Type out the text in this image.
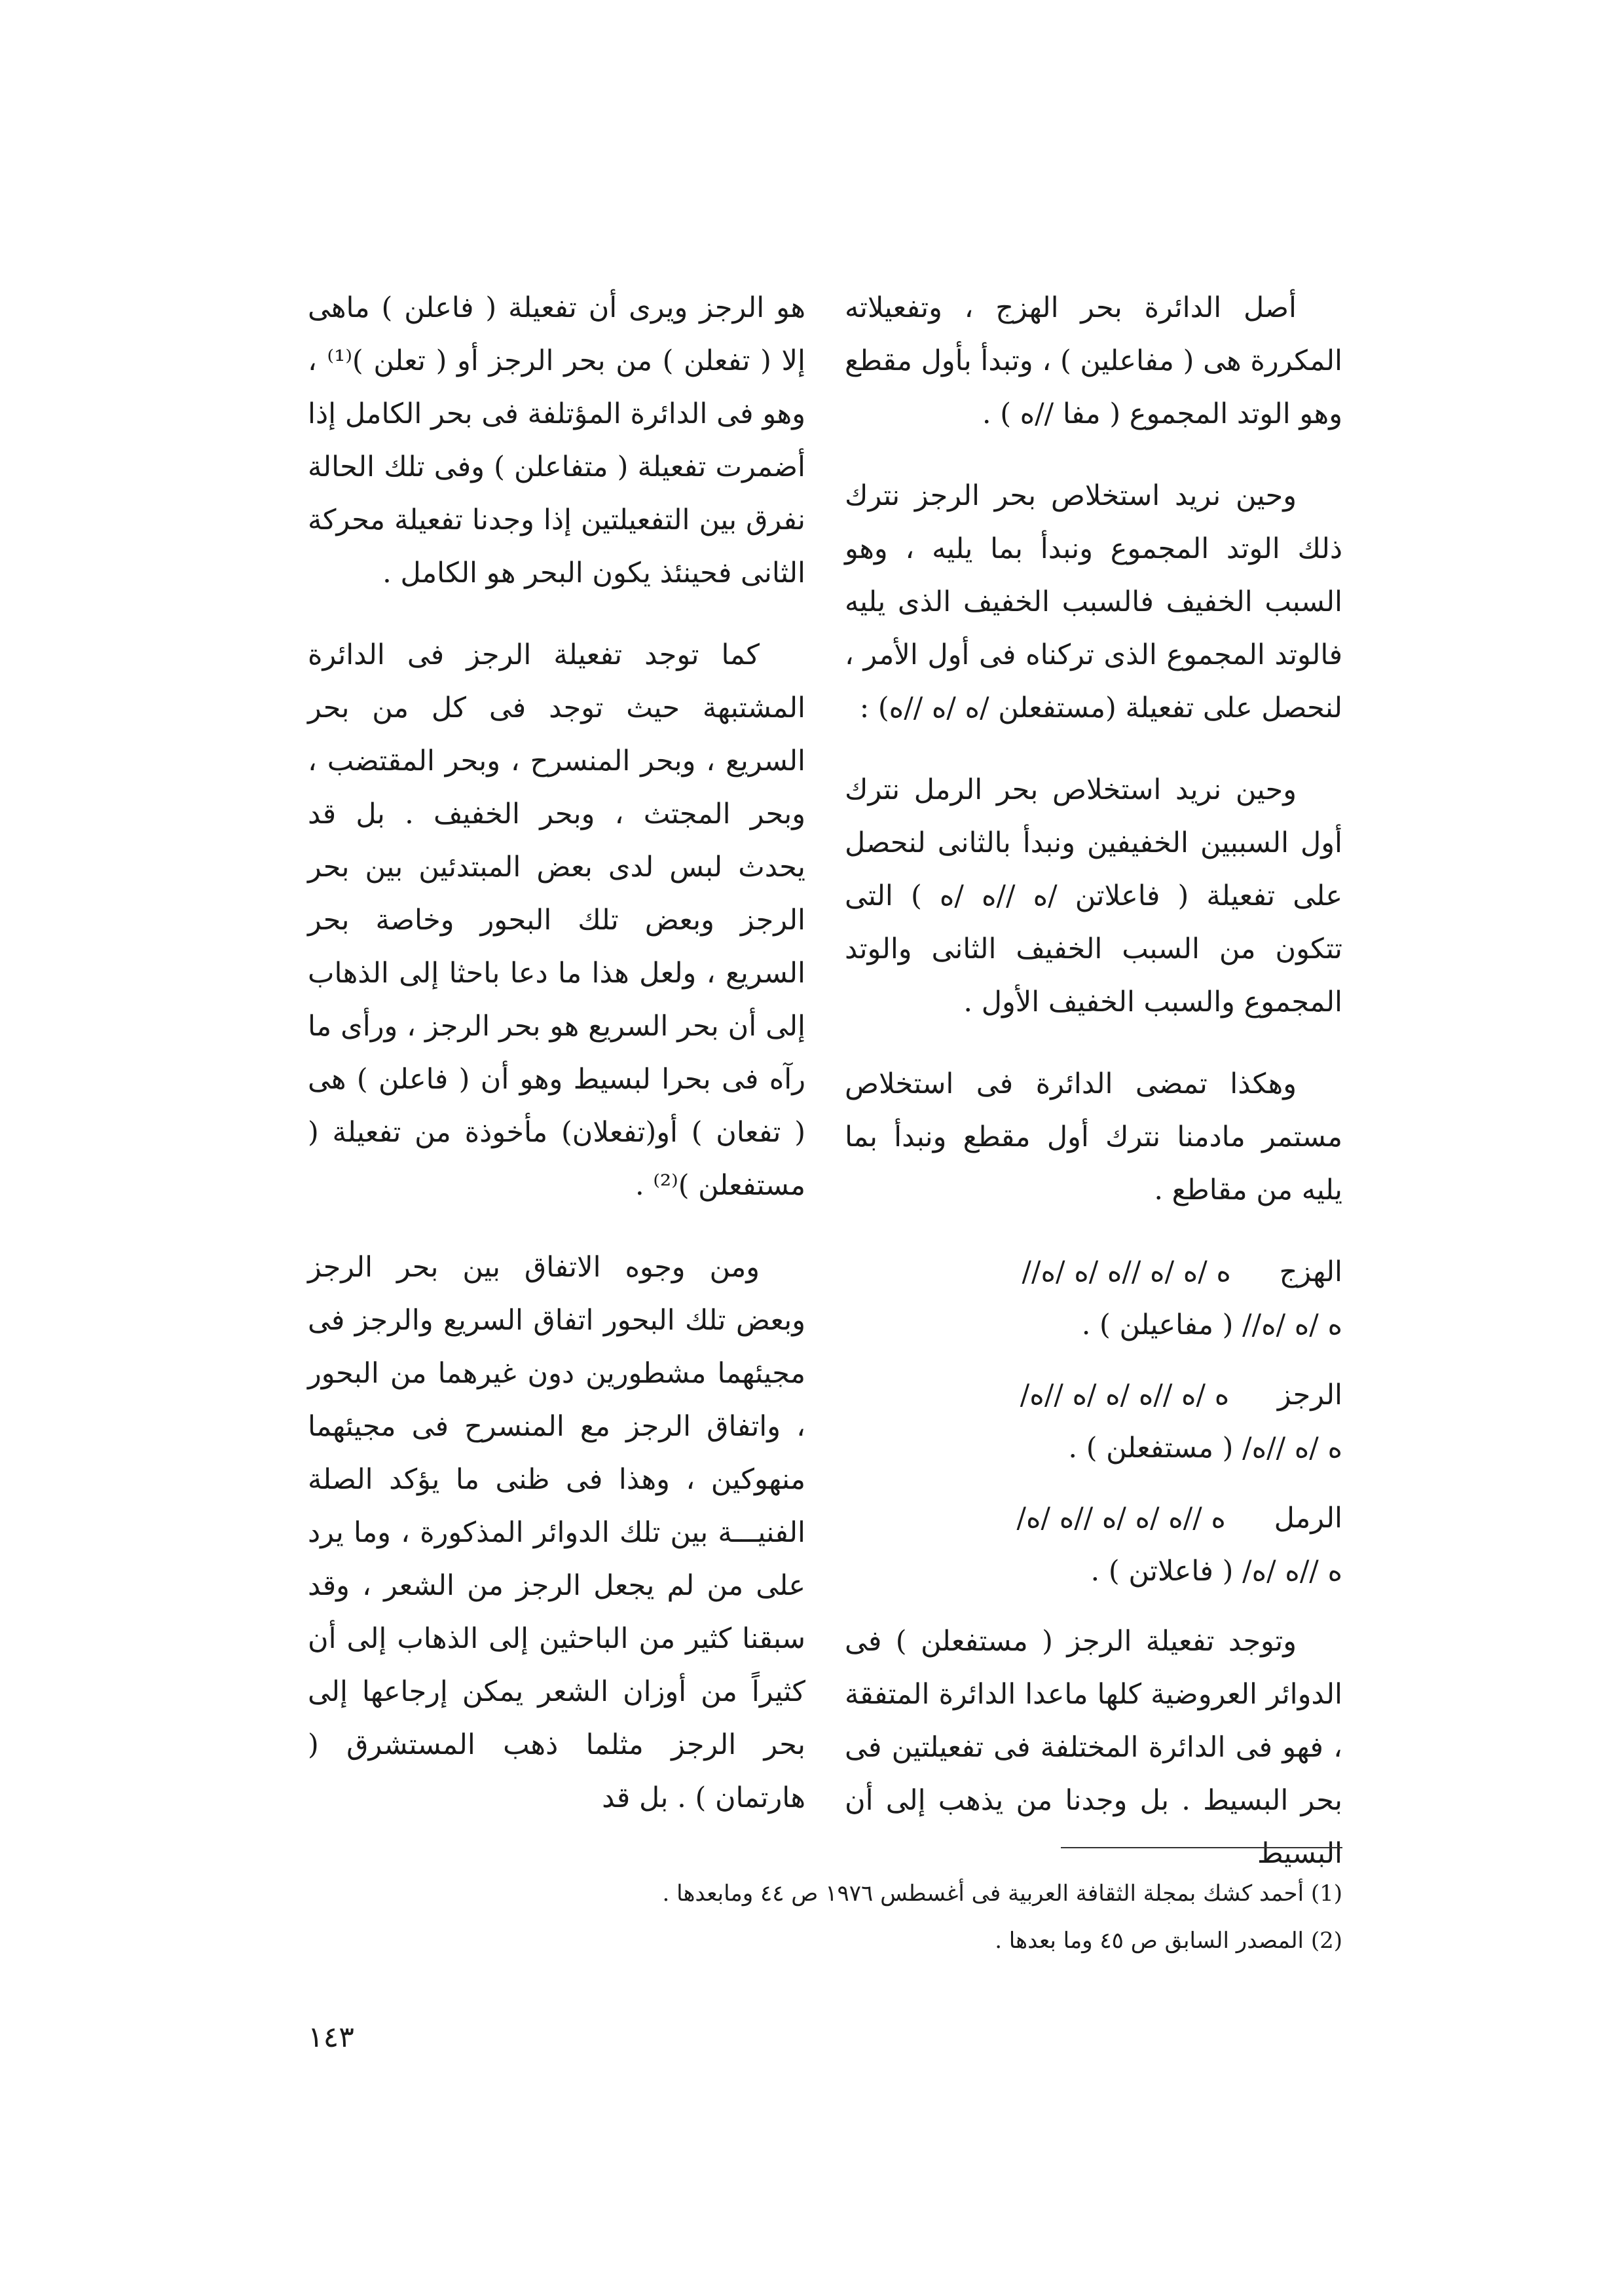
أصل الدائرة بحر الهزج ، وتفعيلاته المكررة هى ( مفاعلين ) ، وتبدأ بأول مقطع وهو الوتد المجموع ( مفا //ه ) .

وحين نريد استخلاص بحر الرجز نترك ذلك الوتد المجموع ونبدأ بما يليه ، وهو السبب الخفيف فالسبب الخفيف الذى يليه فالوتد المجموع الذى تركناه فى أول الأمر ، لنحصل على تفعيلة (مستفعلن /ه /ه //ه) :

وحين نريد استخلاص بحر الرمل نترك أول السببين الخفيفين ونبدأ بالثانى لنحصل على تفعيلة ( فاعلاتن /ه //ه /ه ) التى تتكون من السبب الخفيف الثانى والوتد المجموع والسبب الخفيف الأول .

وهكذا تمضى الدائرة فى استخلاص مستمر مادمنا نترك أول مقطع ونبدأ بما يليه من مقاطع .

الهزج //ه /ه /ه //ه /ه /ه
//ه /ه /ه ( مفاعيلن ) .
الرجز /ه /ه //ه /ه /ه //ه
/ه /ه //ه ( مستفعلن ) .
الرمل /ه //ه /ه /ه //ه /ه
/ه //ه /ه ( فاعلاتن ) .

وتوجد تفعيلة الرجز ( مستفعلن ) فى الدوائر العروضية كلها ماعدا الدائرة المتفقة ، فهو فى الدائرة المختلفة فى تفعيلتين فى بحر البسيط . بل وجدنا من يذهب إلى أن البسيط

هو الرجز ويرى أن تفعيلة ( فاعلن ) ماهى إلا ( تفعلن ) من بحر الرجز أو ( تعلن )⁽¹⁾ ، وهو فى الدائرة المؤتلفة فى بحر الكامل إذا أضمرت تفعيلة ( متفاعلن ) وفى تلك الحالة نفرق بين التفعيلتين إذا وجدنا تفعيلة محركة الثانى فحينئذ يكون البحر هو الكامل .

كما توجد تفعيلة الرجز فى الدائرة المشتبهة حيث توجد فى كل من بحر السريع ، وبحر المنسرح ، وبحر المقتضب ، وبحر المجتث ، وبحر الخفيف . بل قد يحدث لبس لدى بعض المبتدئين بين بحر الرجز وبعض تلك البحور وخاصة بحر السريع ، ولعل هذا ما دعا باحثا إلى الذهاب إلى أن بحر السريع هو بحر الرجز ، ورأى ما رآه فى بحرا لبسيط وهو أن ( فاعلن ) هى ( تفعان ) أو(تفعلان) مأخوذة من تفعيلة ( مستفعلن )⁽²⁾ .

ومن وجوه الاتفاق بين بحر الرجز وبعض تلك البحور اتفاق السريع والرجز فى مجيئهما مشطورين دون غيرهما من البحور ، واتفاق الرجز مع المنسرح فى مجيئهما منهوكين ، وهذا فى ظنى ما يؤكد الصلة الفنيـــة بين تلك الدوائر المذكورة ، وما يرد على من لم يجعل الرجز من الشعر ، وقد سبقنا كثير من الباحثين إلى الذهاب إلى أن كثيراً من أوزان الشعر يمكن إرجاعها إلى بحر الرجز مثلما ذهب المستشرق ( هارتمان ) . بل قد

(1) أحمد كشك بمجلة الثقافة العربية فى أغسطس ١٩٧٦ ص ٤٤ ومابعدها .
(2) المصدر السابق ص ٤٥ وما بعدها .
١٤٣
